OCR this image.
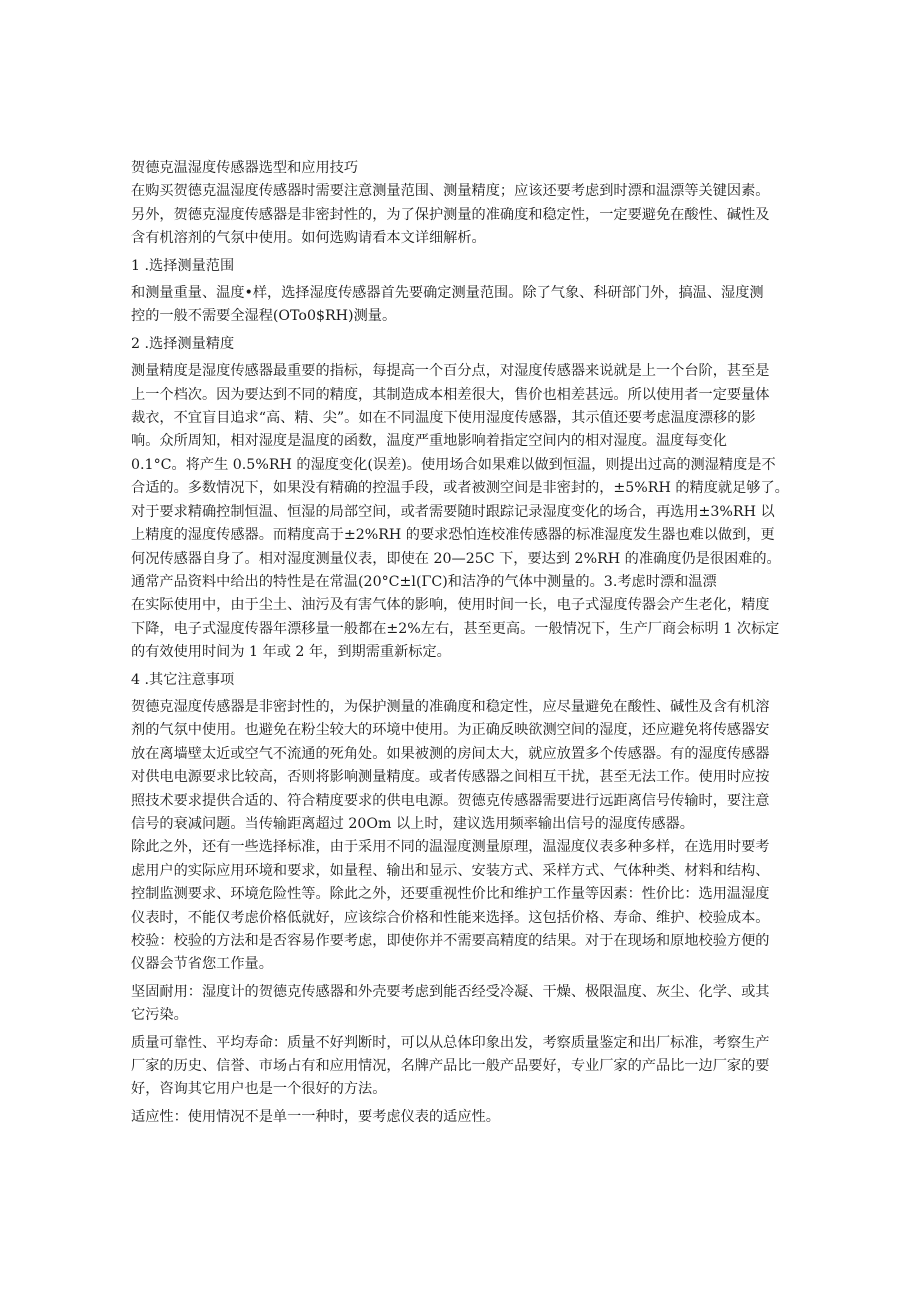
贺德克温湿度传感器选型和应用技巧

在购买贺德克温湿度传感器时需要注意测量范围、测量精度；应该还要考虑到时漂和温漂等关键因素。

另外，贺德克湿度传感器是非密封性的，为了保护测量的准确度和稳定性，一定要避免在酸性、碱性及

含有机溶剂的气氛中使用。如何选购请看本文详细解析。

1 .选择测量范围

和测量重量、温度•样，选择湿度传感器首先要确定测量范围。除了气象、科研部门外，搞温、湿度测

控的一般不需要全湿程(OTo0$RH)测量。

2 .选择测量精度

测量精度是湿度传感器最重要的指标，每提高一个百分点，对湿度传感器来说就是上一个台阶，甚至是

上一个档次。因为要达到不同的精度，其制造成本相差很大，售价也相差甚远。所以使用者一定要量体

裁衣，不宜盲目追求“高、精、尖”。如在不同温度下使用湿度传感器，其示值还要考虑温度漂移的影

响。众所周知，相对湿度是温度的函数，温度严重地影响着指定空间内的相对湿度。温度每变化

0.1°C。将产生 0.5%RH 的湿度变化(误差)。使用场合如果难以做到恒温，则提出过高的测湿精度是不

合适的。多数情况下，如果没有精确的控温手段，或者被测空间是非密封的，±5%RH 的精度就足够了。

对于要求精确控制恒温、恒湿的局部空间，或者需要随时跟踪记录湿度变化的场合，再选用±3%RH 以

上精度的湿度传感器。而精度高于±2%RH 的要求恐怕连校准传感器的标准湿度发生器也难以做到，更

何况传感器自身了。相对湿度测量仪表，即使在 20—25C 下，要达到 2%RH 的准确度仍是很困难的。

通常产品资料中给出的特性是在常温(20°C±l(ΓC)和洁净的气体中测量的。3.考虑时漂和温漂

在实际使用中，由于尘土、油污及有害气体的影响，使用时间一长，电子式湿度传器会产生老化，精度

下降，电子式湿度传器年漂移量一般都在±2%左右，甚至更高。一般情况下，生产厂商会标明 1 次标定

的有效使用时间为 1 年或 2 年，到期需重新标定。

4 .其它注意事项

贺德克湿度传感器是非密封性的，为保护测量的准确度和稳定性，应尽量避免在酸性、碱性及含有机溶

剂的气氛中使用。也避免在粉尘较大的环境中使用。为正确反映欲测空间的湿度，还应避免将传感器安

放在离墙壁太近或空气不流通的死角处。如果被测的房间太大，就应放置多个传感器。有的湿度传感器

对供电电源要求比较高，否则将影响测量精度。或者传感器之间相互干扰，甚至无法工作。使用时应按

照技术要求提供合适的、符合精度要求的供电电源。贺德克传感器需要进行远距离信号传输时，要注意

信号的衰减问题。当传输距离超过 20Om 以上时，建议选用频率输出信号的湿度传感器。

除此之外，还有一些选择标准，由于采用不同的温湿度测量原理，温湿度仪表多种多样，在选用时要考

虑用户的实际应用环境和要求，如量程、输出和显示、安装方式、采样方式、气体种类、材料和结构、

控制监测要求、环境危险性等。除此之外，还要重视性价比和维护工作量等因素：性价比：选用温湿度

仪表时，不能仅考虑价格低就好，应该综合价格和性能来选择。这包括价格、寿命、维护、校验成本。

校验：校验的方法和是否容易作要考虑，即使你并不需要高精度的结果。对于在现场和原地校验方便的

仪器会节省您工作量。

坚固耐用：湿度计的贺德克传感器和外壳要考虑到能否经受冷凝、干燥、极限温度、灰尘、化学、或其

它污染。

质量可靠性、平均寿命：质量不好判断时，可以从总体印象出发，考察质量鉴定和出厂标准，考察生产

厂家的历史、信誉、市场占有和应用情况，名牌产品比一般产品要好，专业厂家的产品比一边厂家的要

好，咨询其它用户也是一个很好的方法。

适应性：使用情况不是单一一种时，要考虑仪表的适应性。
